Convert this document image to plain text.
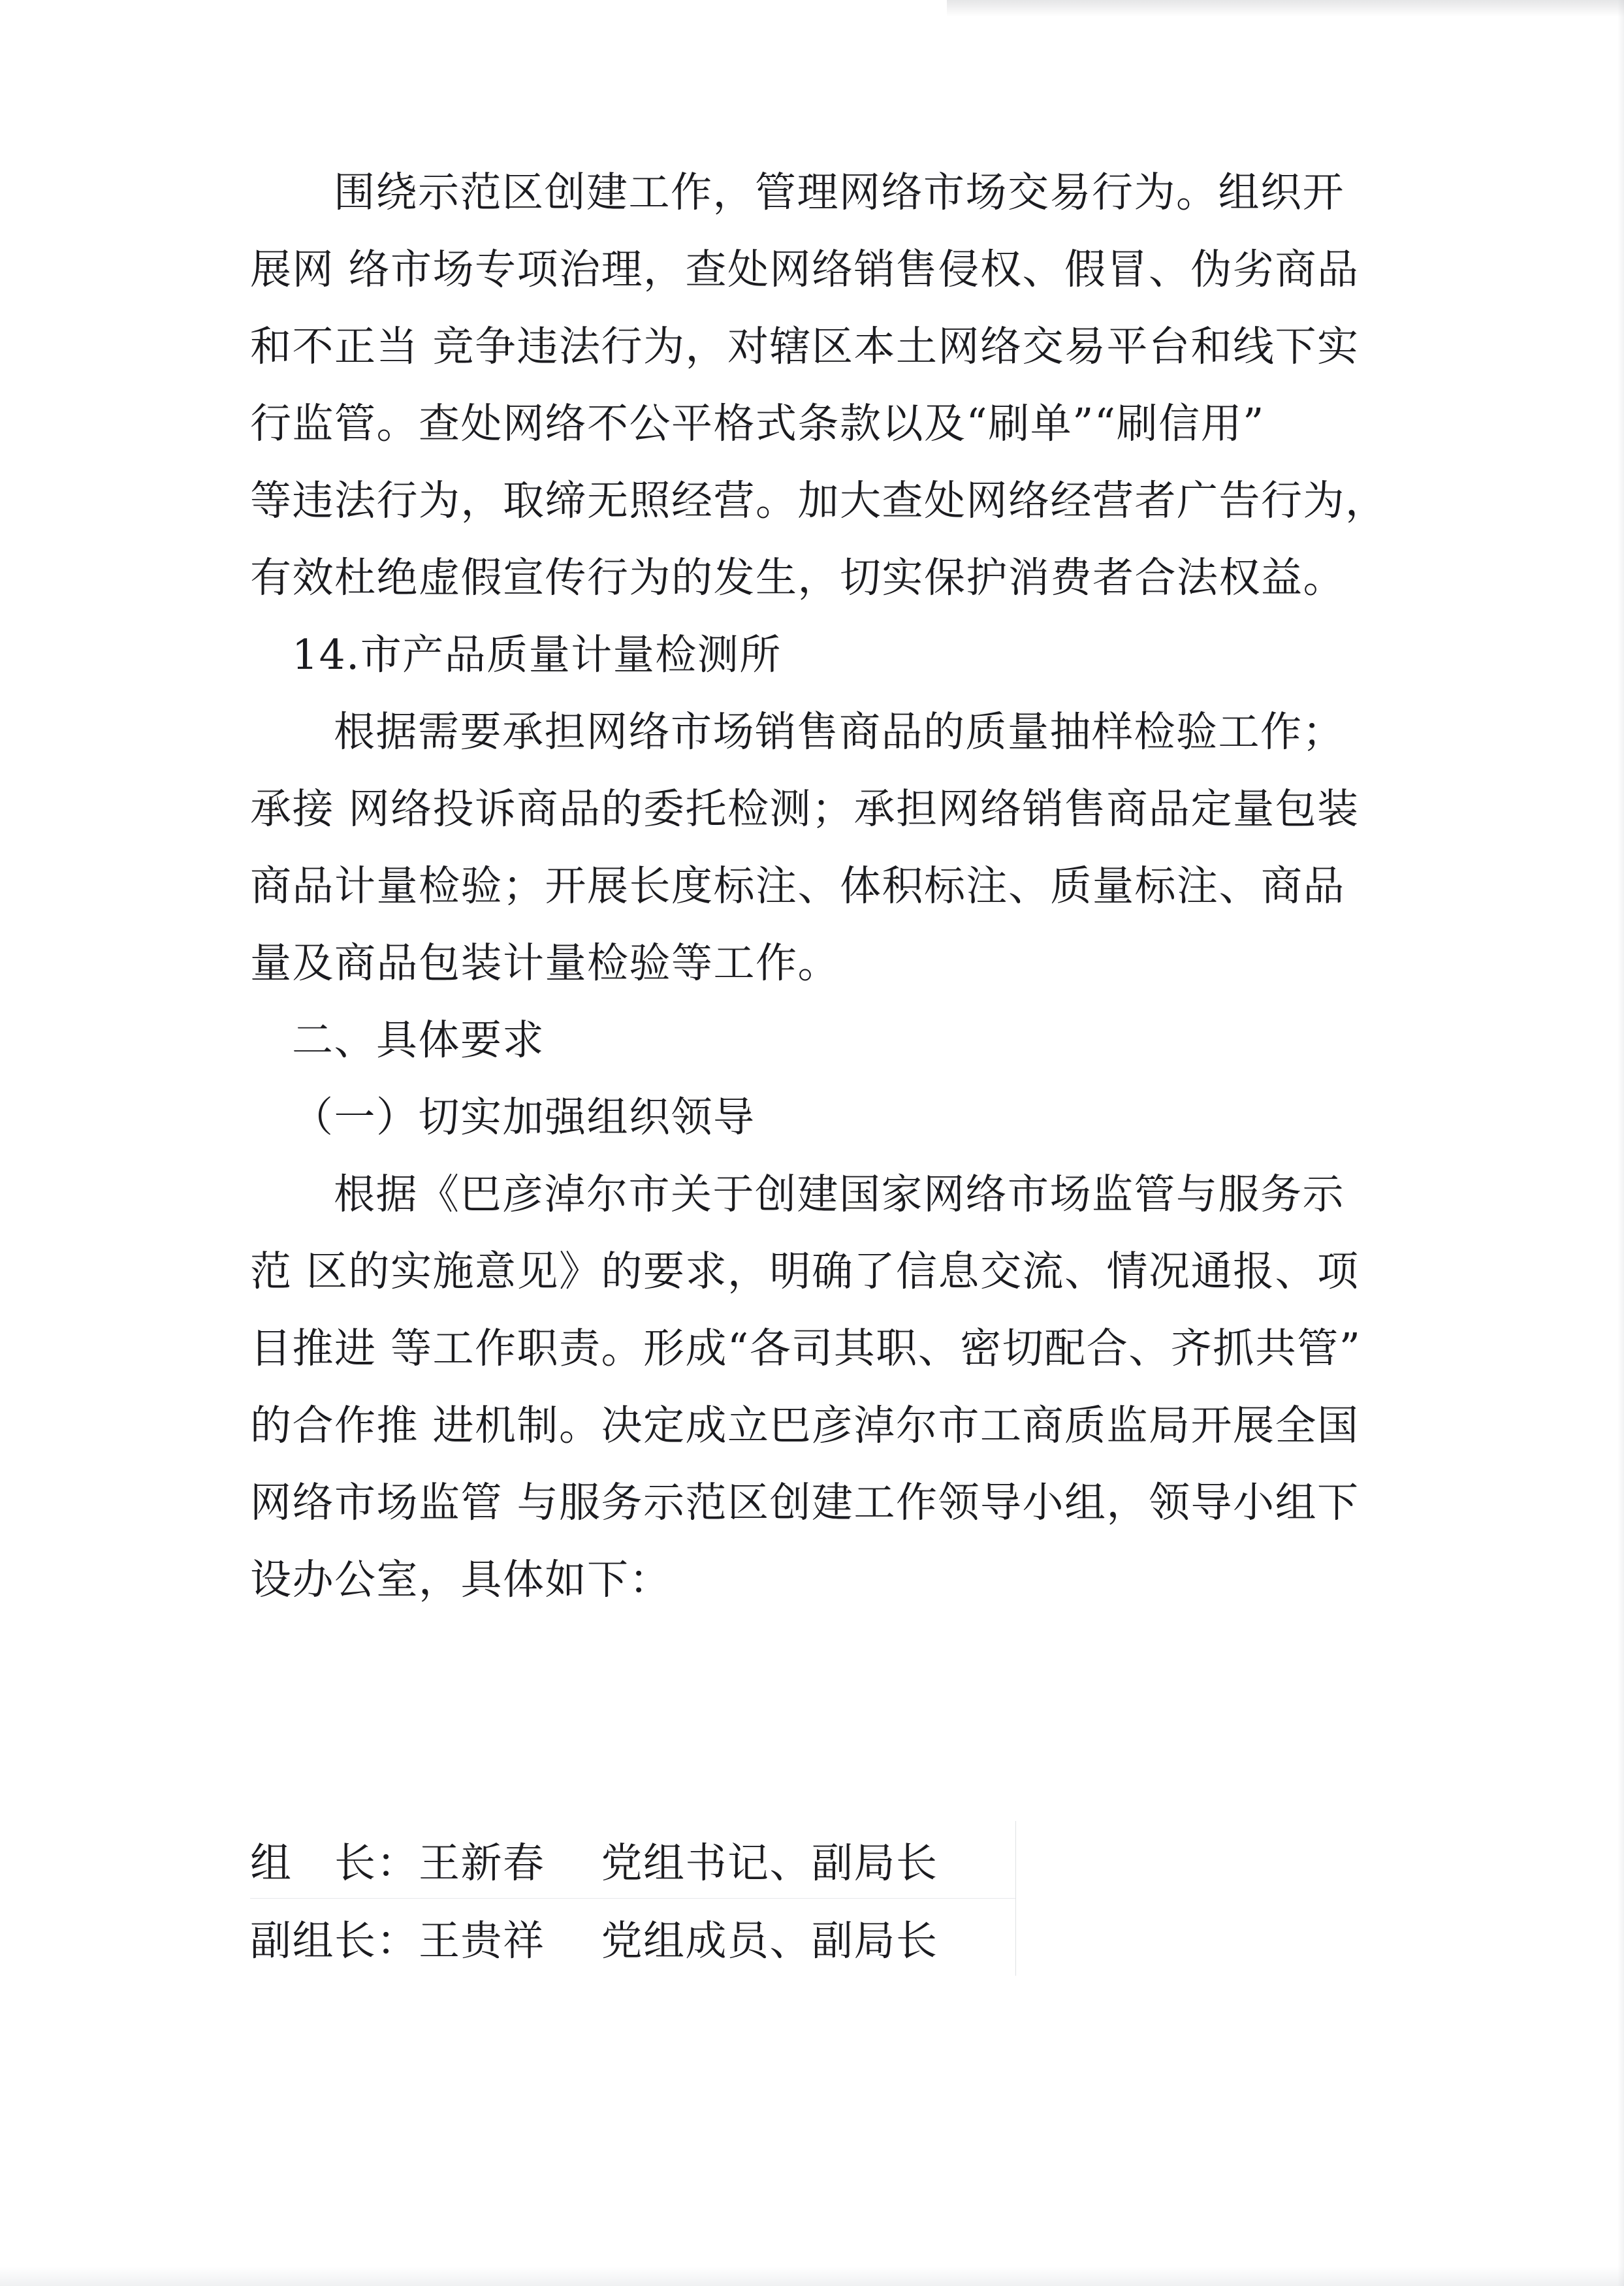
围绕示范区创建工作，管理网络市场交易行为。组织开
展网 络市场专项治理，查处网络销售侵权、假冒、伪劣商品
和不正当 竞争违法行为，对辖区本土网络交易平台和线下实
行监管。查处网络不公平格式条款以及“刷单”“刷信用”
等违法行为，取缔无照经营。加大查处网络经营者广告行为，
有效杜绝虚假宣传行为的发生，切实保护消费者合法权益。
14.市产品质量计量检测所
根据需要承担网络市场销售商品的质量抽样检验工作；
承接 网络投诉商品的委托检测；承担网络销售商品定量包装
商品计量检验；开展长度标注、体积标注、质量标注、商品
量及商品包装计量检验等工作。
二、具体要求
（一）切实加强组织领导
根据《巴彦淖尔市关于创建国家网络市场监管与服务示
范 区的实施意见》的要求，明确了信息交流、情况通报、项
目推进 等工作职责。形成“各司其职、密切配合、齐抓共管”
的合作推 进机制。决定成立巴彦淖尔市工商质监局开展全国
网络市场监管 与服务示范区创建工作领导小组，领导小组下
设办公室，具体如下：
组　长： 王新春 党组书记、副局长
副组长： 王贵祥 党组成员、副局长
